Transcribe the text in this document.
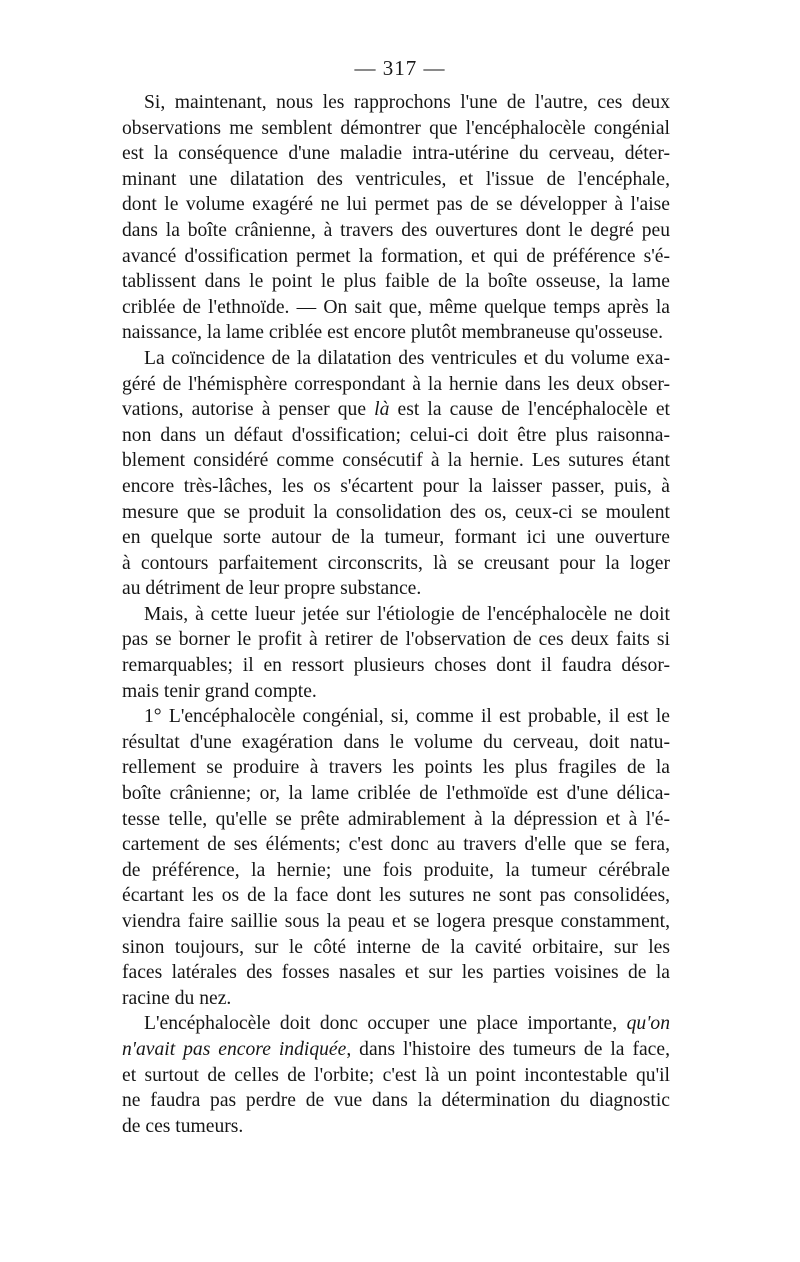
— 317 —
Si, maintenant, nous les rapprochons l'une de l'autre, ces deux
observations me semblent démontrer que l'encéphalocèle congénial
est la conséquence d'une maladie intra-utérine du cerveau, déter-
minant une dilatation des ventricules, et l'issue de l'encéphale,
dont le volume exagéré ne lui permet pas de se développer à l'aise
dans la boîte crânienne, à travers des ouvertures dont le degré peu
avancé d'ossification permet la formation, et qui de préférence s'é-
tablissent dans le point le plus faible de la boîte osseuse, la lame
criblée de l'ethnoïde. — On sait que, même quelque temps après la
naissance, la lame criblée est encore plutôt membraneuse qu'osseuse.
La coïncidence de la dilatation des ventricules et du volume exa-
géré de l'hémisphère correspondant à la hernie dans les deux obser-
vations, autorise à penser que là est la cause de l'encéphalocèle et
non dans un défaut d'ossification; celui-ci doit être plus raisonna-
blement considéré comme consécutif à la hernie. Les sutures étant
encore très-lâches, les os s'écartent pour la laisser passer, puis, à
mesure que se produit la consolidation des os, ceux-ci se moulent
en quelque sorte autour de la tumeur, formant ici une ouverture
à contours parfaitement circonscrits, là se creusant pour la loger
au détriment de leur propre substance.
Mais, à cette lueur jetée sur l'étiologie de l'encéphalocèle ne doit
pas se borner le profit à retirer de l'observation de ces deux faits si
remarquables; il en ressort plusieurs choses dont il faudra désor-
mais tenir grand compte.
1° L'encéphalocèle congénial, si, comme il est probable, il est le
résultat d'une exagération dans le volume du cerveau, doit natu-
rellement se produire à travers les points les plus fragiles de la
boîte crânienne; or, la lame criblée de l'ethmoïde est d'une délica-
tesse telle, qu'elle se prête admirablement à la dépression et à l'é-
cartement de ses éléments; c'est donc au travers d'elle que se fera,
de préférence, la hernie; une fois produite, la tumeur cérébrale
écartant les os de la face dont les sutures ne sont pas consolidées,
viendra faire saillie sous la peau et se logera presque constamment,
sinon toujours, sur le côté interne de la cavité orbitaire, sur les
faces latérales des fosses nasales et sur les parties voisines de la
racine du nez.
L'encéphalocèle doit donc occuper une place importante, qu'on
n'avait pas encore indiquée, dans l'histoire des tumeurs de la face,
et surtout de celles de l'orbite; c'est là un point incontestable qu'il
ne faudra pas perdre de vue dans la détermination du diagnostic
de ces tumeurs.
